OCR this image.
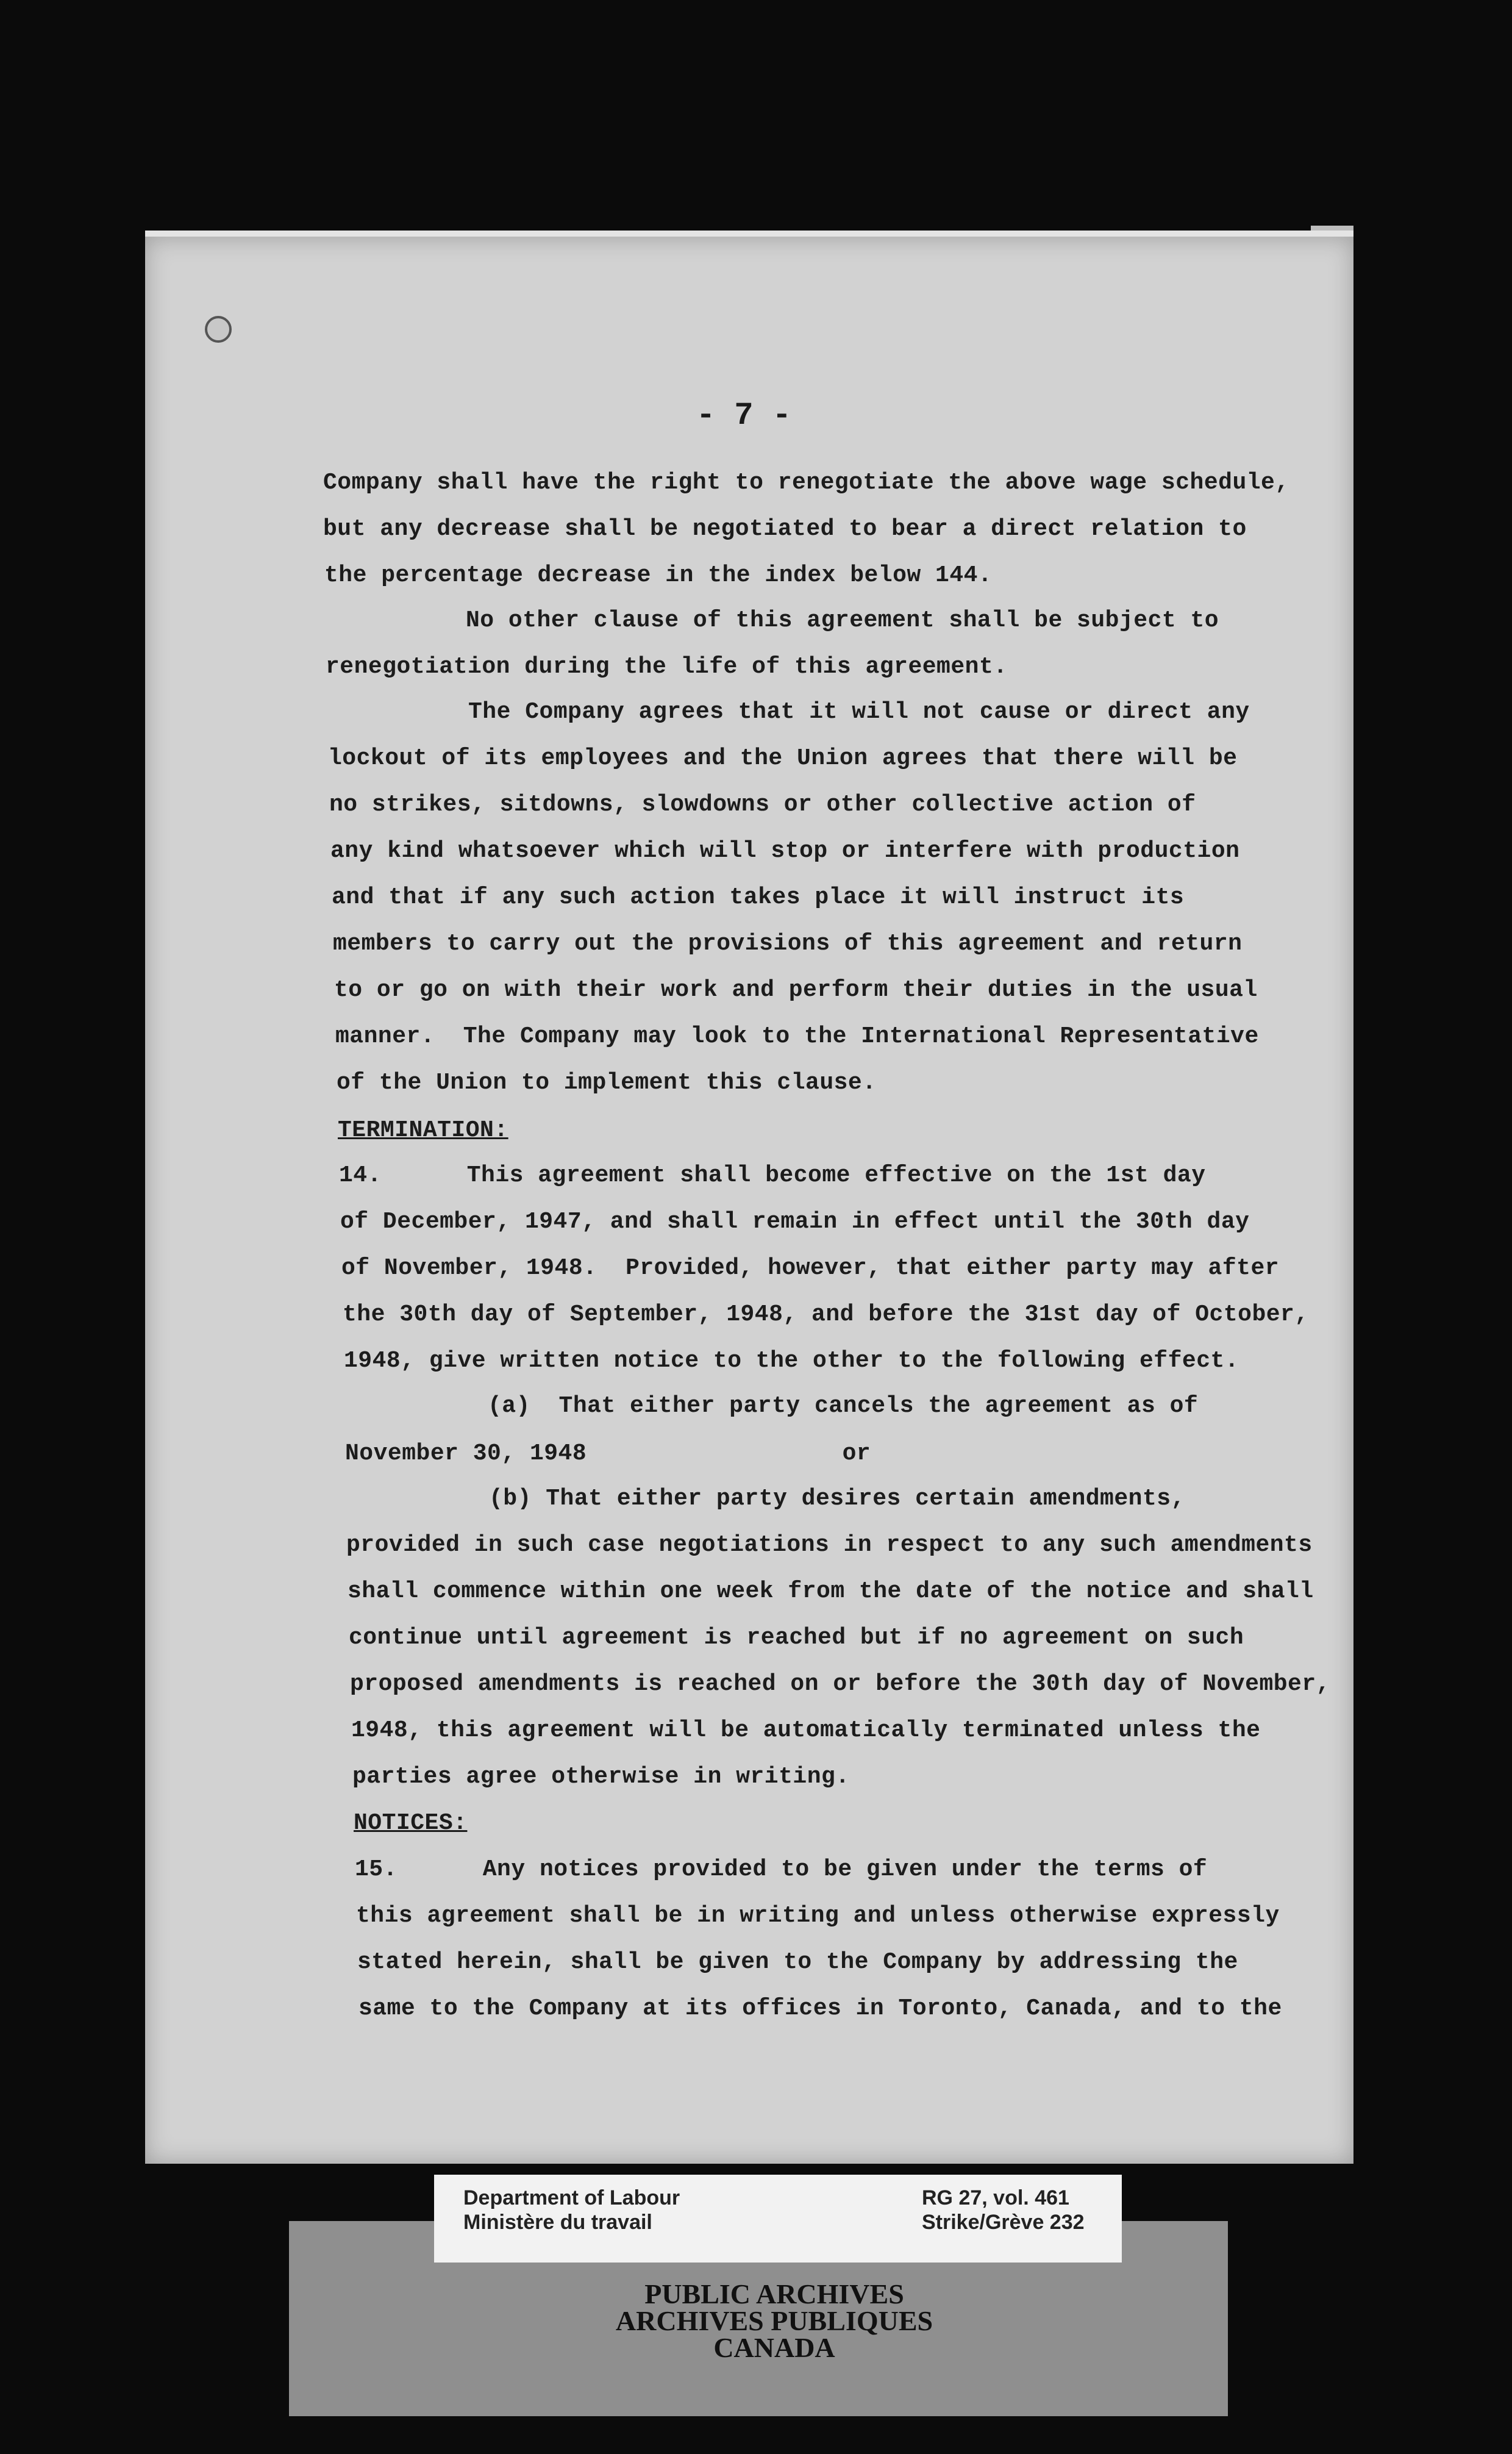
- 7 -
Company shall have the right to renegotiate the above wage schedule,
but any decrease shall be negotiated to bear a direct relation to
the percentage decrease in the index below 144.
No other clause of this agreement shall be subject to
renegotiation during the life of this agreement.
The Company agrees that it will not cause or direct any
lockout of its employees and the Union agrees that there will be
no strikes, sitdowns, slowdowns or other collective action of
any kind whatsoever which will stop or interfere with production
and that if any such action takes place it will instruct its
members to carry out the provisions of this agreement and return
to or go on with their work and perform their duties in the usual
manner.  The Company may look to the International Representative
of the Union to implement this clause.
TERMINATION:
14.      This agreement shall become effective on the 1st day
of December, 1947, and shall remain in effect until the 30th day
of November, 1948.  Provided, however, that either party may after
the 30th day of September, 1948, and before the 31st day of October,
1948, give written notice to the other to the following effect.
(a)  That either party cancels the agreement as of
November 30, 1948                  or
(b) That either party desires certain amendments,
provided in such case negotiations in respect to any such amendments
shall commence within one week from the date of the notice and shall
continue until agreement is reached but if no agreement on such
proposed amendments is reached on or before the 30th day of November,
1948, this agreement will be automatically terminated unless the
parties agree otherwise in writing.
NOTICES:
15.      Any notices provided to be given under the terms of
this agreement shall be in writing and unless otherwise expressly
stated herein, shall be given to the Company by addressing the
same to the Company at its offices in Toronto, Canada, and to the
Department of Labour
Ministère du travail
RG 27, vol. 461
Strike/Grève 232
PUBLIC ARCHIVES
ARCHIVES PUBLIQUES
CANADA
